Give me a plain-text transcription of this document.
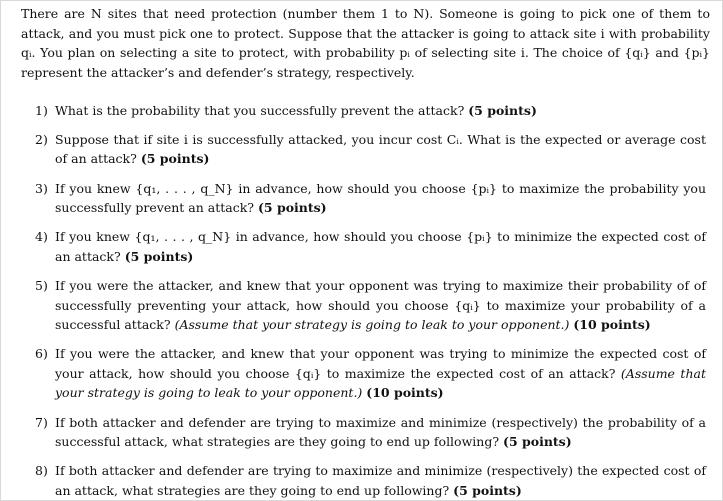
There are N sites that need protection (number them 1 to N). Someone is going to pick one of them to attack, and you must pick one to protect. Suppose that the attacker is going to attack site i with probability qᵢ. You plan on selecting a site to protect, with probability pᵢ of selecting site i. The choice of {qᵢ} and {pᵢ} represent the attacker’s and defender’s strategy, respectively.

1) What is the probability that you successfully prevent the attack? (5 points)
2) Suppose that if site i is successfully attacked, you incur cost Cᵢ. What is the expected or average cost of an attack? (5 points)
3) If you knew {q₁, . . . , q_N} in advance, how should you choose {pᵢ} to maximize the probability you successfully prevent an attack? (5 points)
4) If you knew {q₁, . . . , q_N} in advance, how should you choose {pᵢ} to minimize the expected cost of an attack? (5 points)
5) If you were the attacker, and knew that your opponent was trying to maximize their probability of of successfully preventing your attack, how should you choose {qᵢ} to maximize your probability of a successful attack? (Assume that your strategy is going to leak to your opponent.) (10 points)
6) If you were the attacker, and knew that your opponent was trying to minimize the expected cost of your attack, how should you choose {qᵢ} to maximize the expected cost of an attack? (Assume that your strategy is going to leak to your opponent.) (10 points)
7) If both attacker and defender are trying to maximize and minimize (respectively) the probability of a successful attack, what strategies are they going to end up following? (5 points)
8) If both attacker and defender are trying to maximize and minimize (respectively) the expected cost of an attack, what strategies are they going to end up following? (5 points)
